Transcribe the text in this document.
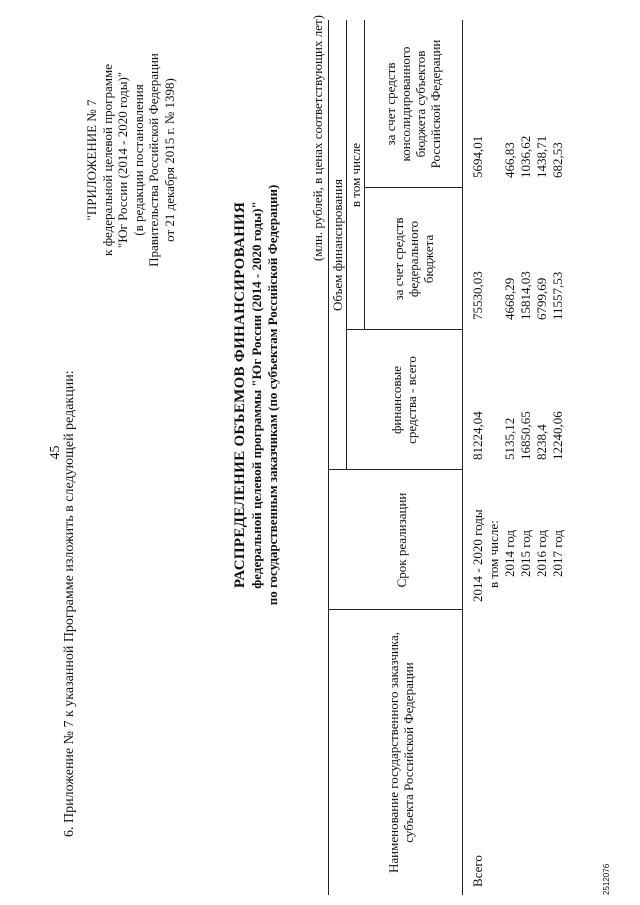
45 6. Приложение № 7 к указанной Программе изложить в следующей редакции:
"ПРИЛОЖЕНИЕ № 7 к федеральной целевой программе "Юг России (2014 - 2020 годы)" (в редакции постановления Правительства Российской Федерации от 21 декабря 2015 г. № 1398)
РАСПРЕДЕЛЕНИЕ ОБЪЕМОВ ФИНАНСИРОВАНИЯ федеральной целевой программы "Юг России (2014 - 2020 годы)" по государственным заказчикам (по субъектам Российской Федерации)
(млн. рублей, в ценах соответствующих лет)
Наименование государственного заказчика, субъекта Российской Федерации
Срок реализации
Объем финансирования
финансовые средства - всего
в том числе
за счет средств федерального бюджета
за счет средств консолидированного бюджета субъектов Российской Федерации
Всего
2014 - 2020 годы
81224,04
75530,03
5694,01
в том числе: 2014 год
5135,12
4668,29
466,83
2015 год
16850,65
15814,03
1036,62
2016 год
8238,4
6799,69
1438,71
2017 год
12240,06
11557,53
682,53
2512076
